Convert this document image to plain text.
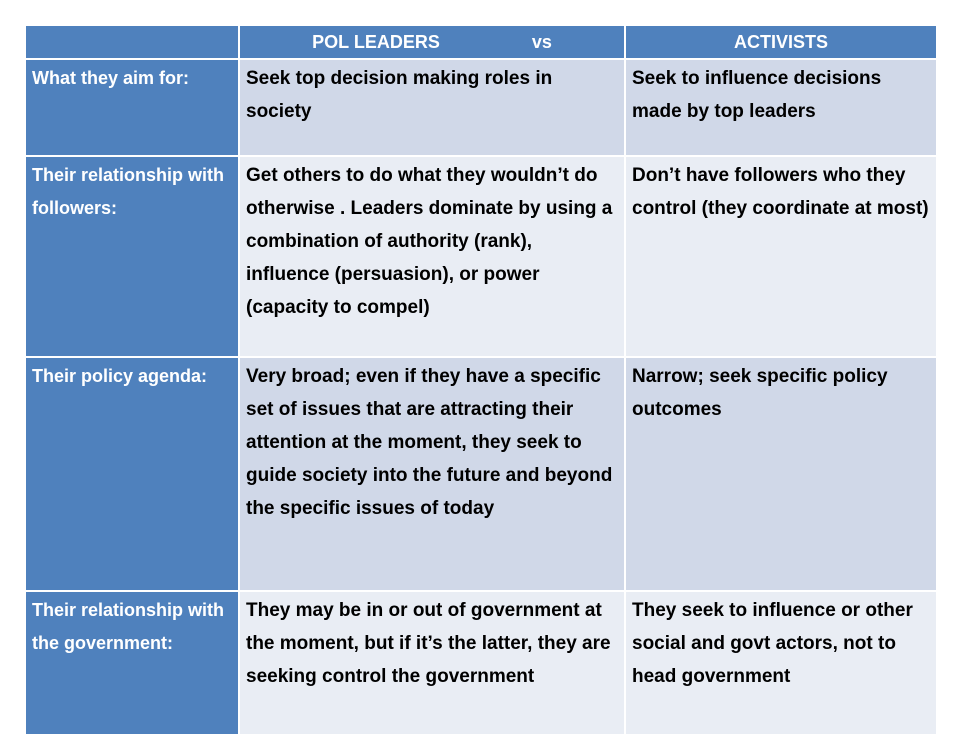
	POL LEADERS vs	ACTIVISTS
What they aim for:	Seek top decision making roles in society	Seek to influence decisions made by top leaders
Their relationship with followers:	Get others to do what they wouldn’t do otherwise . Leaders dominate by using a combination of authority (rank), influence (persuasion), or power (capacity to compel)	Don’t have followers who they control (they coordinate at most)
Their policy agenda:	Very broad; even if they have a specific set of issues that are attracting their attention at the moment, they seek to guide society into the future and beyond the specific issues of today	Narrow; seek specific policy outcomes
Their relationship with the government:	They may be in or out of government at the moment, but if it’s the latter, they are seeking control the government	They seek to influence or other social and govt actors, not to head government
